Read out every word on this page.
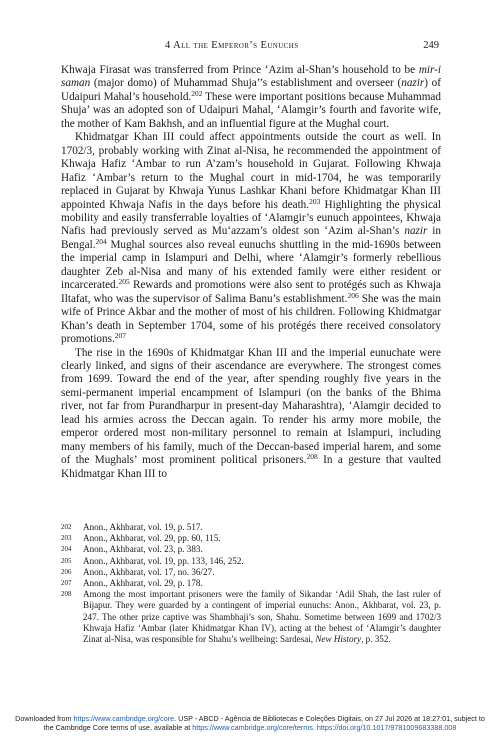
4 All the Emperor’s Eunuchs	249

Khwaja Firasat was transferred from Prince ‘Azim al-Shan’s household to be mir-i saman (major domo) of Muhammad Shuja’’s establishment and overseer (nazir) of Udaipuri Mahal’s household.$^{202}$ These were important positions because Muhammad Shuja’ was an adopted son of Udaipuri Mahal, ‘Alamgir’s fourth and favorite wife, the mother of Kam Bakhsh, and an influential figure at the Mughal court.

Khidmatgar Khan III could affect appointments outside the court as well. In 1702/3, probably working with Zinat al-Nisa, he recommended the appointment of Khwaja Hafiz ‘Ambar to run A’zam’s household in Gujarat. Following Khwaja Hafiz ‘Ambar’s return to the Mughal court in mid-1704, he was temporarily replaced in Gujarat by Khwaja Yunus Lashkar Khani before Khidmatgar Khan III appointed Khwaja Nafis in the days before his death.$^{203}$ Highlighting the physical mobility and easily transferrable loyalties of ‘Alamgir’s eunuch appointees, Khwaja Nafis had previously served as Mu‘azzam’s oldest son ‘Azim al-Shan’s nazir in Bengal.$^{204}$ Mughal sources also reveal eunuchs shuttling in the mid-1690s between the imperial camp in Islampuri and Delhi, where ‘Alamgir’s formerly rebellious daughter Zeb al-Nisa and many of his extended family were either resident or incarcerated.$^{205}$ Rewards and promotions were also sent to protégés such as Khwaja Iltafat, who was the supervisor of Salima Banu’s establishment.$^{206}$ She was the main wife of Prince Akbar and the mother of most of his children. Following Khidmatgar Khan’s death in September 1704, some of his protégés there received consolatory promotions.$^{207}$

The rise in the 1690s of Khidmatgar Khan III and the imperial eunuchate were clearly linked, and signs of their ascendance are everywhere. The strongest comes from 1699. Toward the end of the year, after spending roughly five years in the semi-permanent imperial encampment of Islampuri (on the banks of the Bhima river, not far from Purandharpur in present-day Maharashtra), ‘Alamgir decided to lead his armies across the Deccan again. To render his army more mobile, the emperor ordered most non-military personnel to remain at Islampuri, including many members of his family, much of the Deccan-based imperial harem, and some of the Mughals’ most prominent political prisoners.$^{208}$ In a gesture that vaulted Khidmatgar Khan III to

202 Anon., Akhbarat, vol. 19, p. 517.
203 Anon., Akhbarat, vol. 29, pp. 60, 115.
204 Anon., Akhbarat, vol. 23, p. 383.
205 Anon., Akhbarat, vol. 19, pp. 133, 146, 252.
206 Anon., Akhbarat, vol. 17, no. 36/27.
207 Anon., Akhbarat, vol. 29, p. 178.
208 Among the most important prisoners were the family of Sikandar ‘Adil Shah, the last ruler of Bijapur. They were guarded by a contingent of imperial eunuchs: Anon., Akhbarat, vol. 23, p. 247. The other prize captive was Shambhaji’s son, Shahu. Sometime between 1699 and 1702/3 Khwaja Hafiz ‘Ambar (later Khidmatgar Khan IV), acting at the behest of ‘Alamgir’s daughter Zinat al-Nisa, was responsible for Shahu’s wellbeing: Sardesai, New History, p. 352.
Downloaded from https://www.cambridge.org/core. USP - ABCD - Agência de Bibliotecas e Coleções Digitais, on 27 Jul 2026 at 18:27:01, subject to
the Cambridge Core terms of use, available at https://www.cambridge.org/core/terms. https://doi.org/10.1017/9781009683388.008
